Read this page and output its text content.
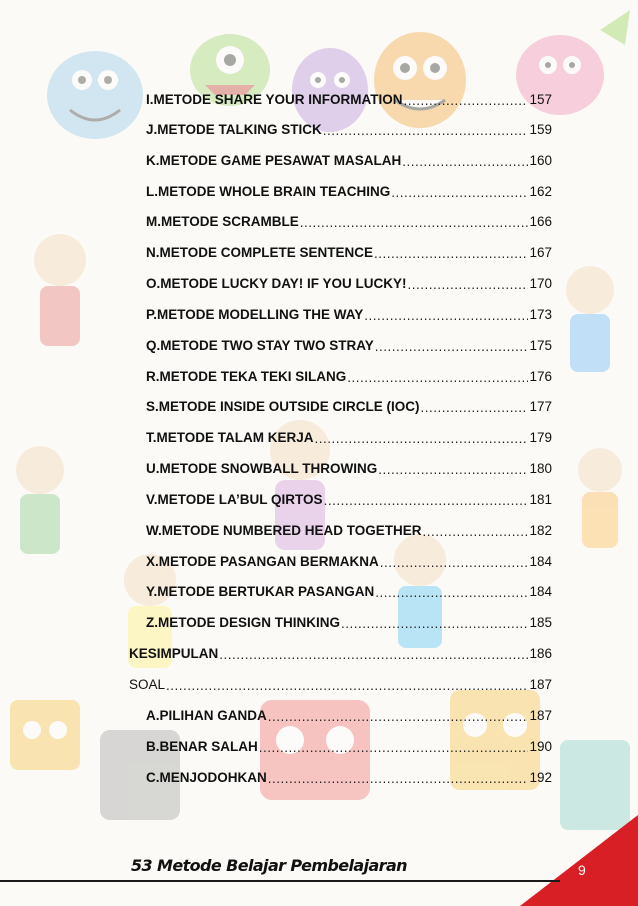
I. METODE SHARE YOUR INFORMATION .....	157
J. METODE TALKING STICK .....	159
K. METODE GAME PESAWAT MASALAH .....	160
L. METODE WHOLE BRAIN TEACHING .....	162
M. METODE SCRAMBLE .....	166
N. METODE COMPLETE SENTENCE .....	167
O. METODE LUCKY DAY! IF YOU LUCKY! .....	170
P. METODE MODELLING THE WAY .....	173
Q. METODE TWO STAY TWO STRAY .....	175
R. METODE TEKA TEKI SILANG .....	176
S. METODE INSIDE OUTSIDE CIRCLE (IOC) .....	177
T. METODE TALAM KERJA .....	179
U. METODE SNOWBALL THROWING .....	180
V. METODE LA’BUL QIRTOS .....	181
W. METODE NUMBERED HEAD TOGETHER .....	182
X. METODE PASANGAN BERMAKNA .....	184
Y. METODE BERTUKAR PASANGAN .....	184
Z. METODE DESIGN THINKING .....	185
KESIMPULAN .....	186
SOAL .....	187
A. PILIHAN GANDA .....	187
B. BENAR SALAH .....	190
C. MENJODOHKAN .....	192
53 Metode Belajar Pembelajaran	9
